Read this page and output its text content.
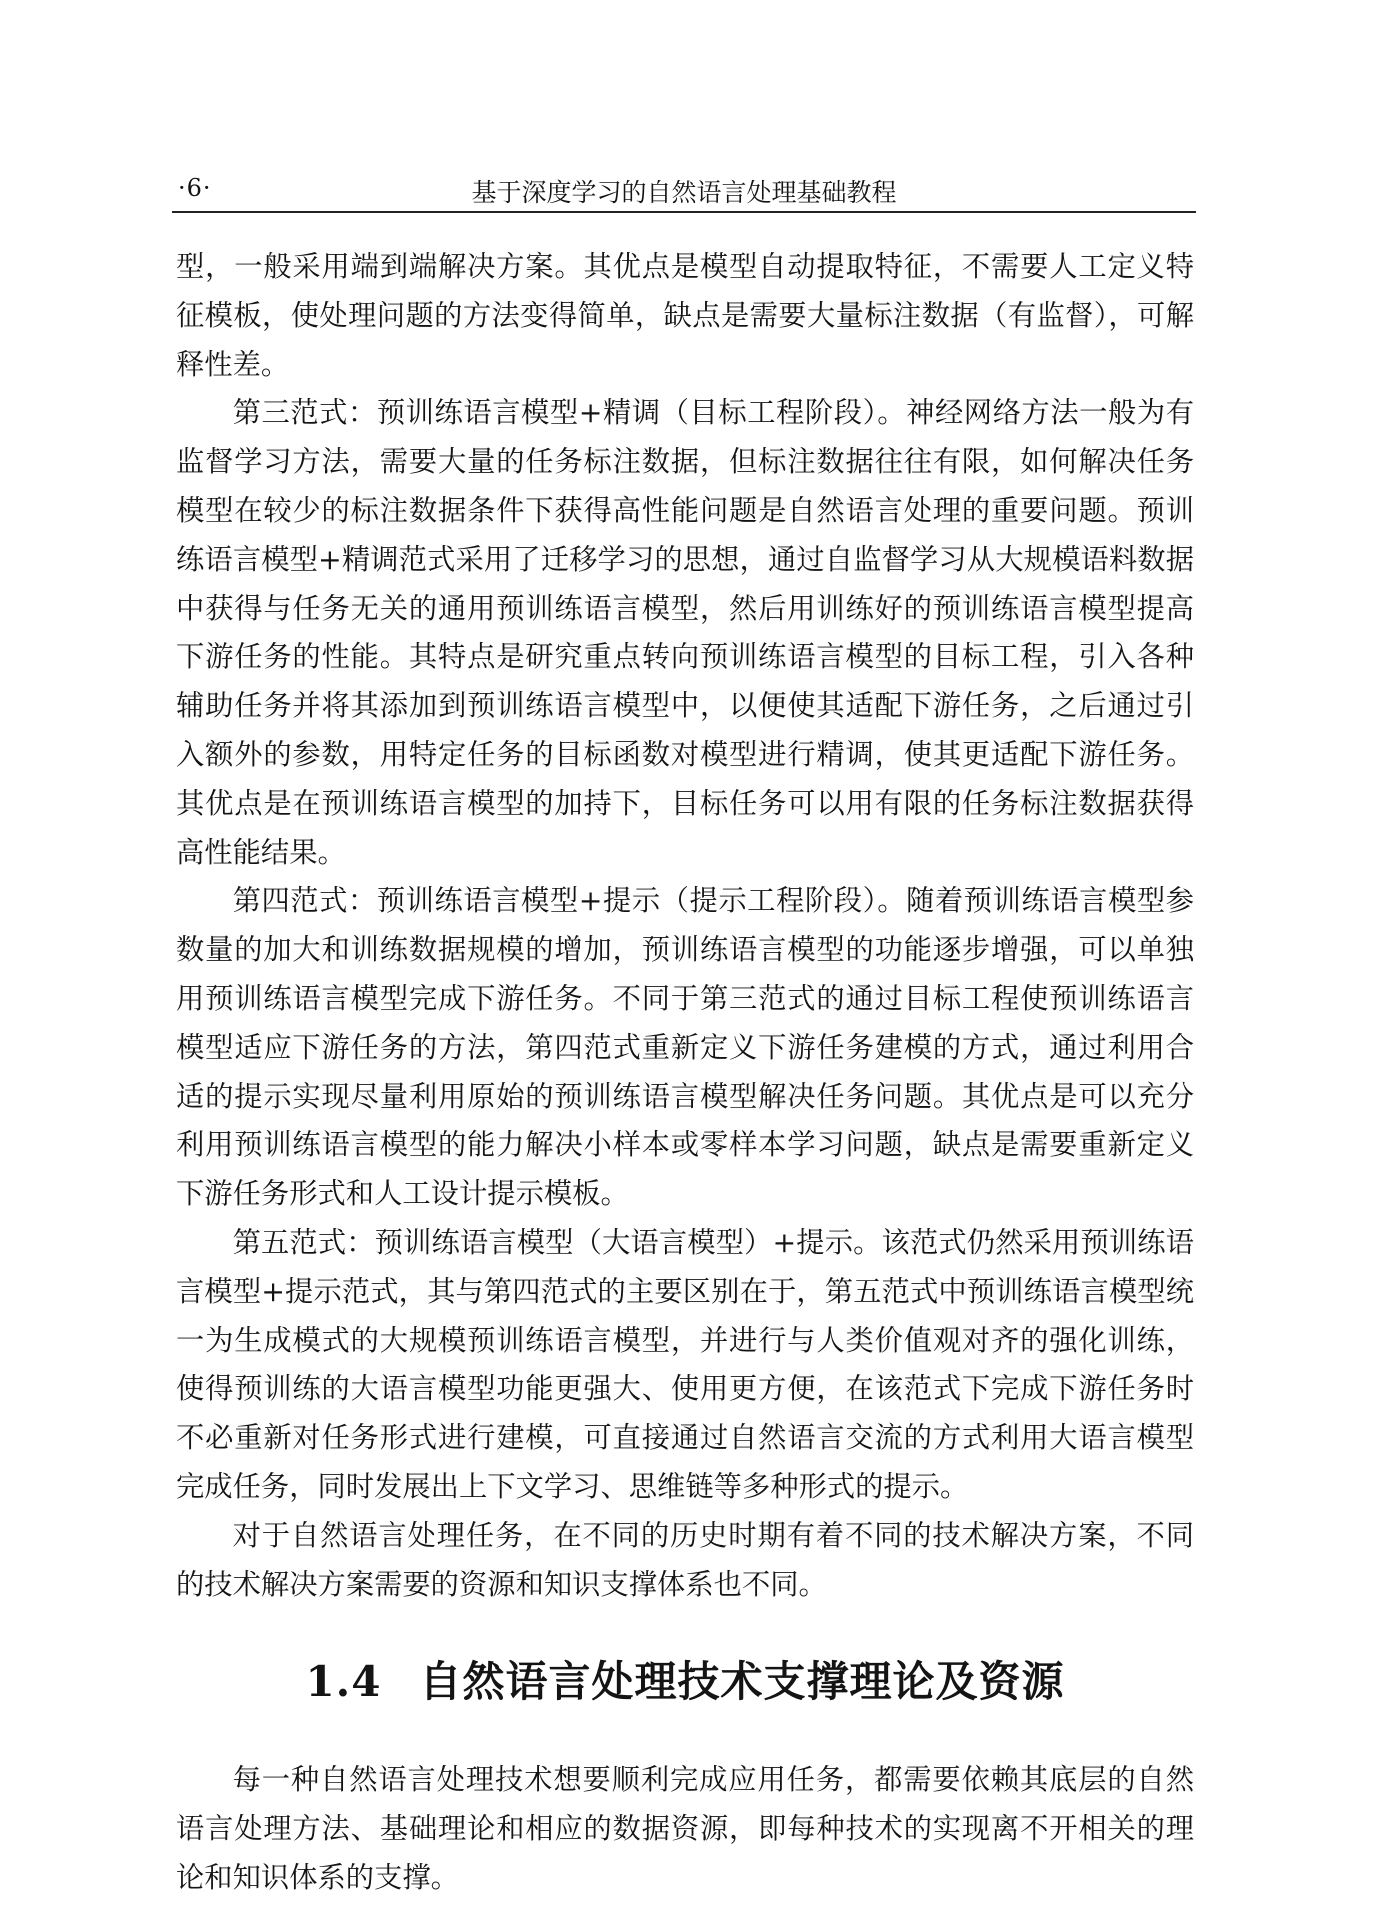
·6·	基于深度学习的自然语言处理基础教程

型，一般采用端到端解决方案。其优点是模型自动提取特征，不需要人工定义特征模板，使处理问题的方法变得简单，缺点是需要大量标注数据（有监督），可解释性差。

第三范式：预训练语言模型+精调（目标工程阶段）。神经网络方法一般为有监督学习方法，需要大量的任务标注数据，但标注数据往往有限，如何解决任务模型在较少的标注数据条件下获得高性能问题是自然语言处理的重要问题。预训练语言模型+精调范式采用了迁移学习的思想，通过自监督学习从大规模语料数据中获得与任务无关的通用预训练语言模型，然后用训练好的预训练语言模型提高下游任务的性能。其特点是研究重点转向预训练语言模型的目标工程，引入各种辅助任务并将其添加到预训练语言模型中，以便使其适配下游任务，之后通过引入额外的参数，用特定任务的目标函数对模型进行精调，使其更适配下游任务。其优点是在预训练语言模型的加持下，目标任务可以用有限的任务标注数据获得高性能结果。

第四范式：预训练语言模型+提示（提示工程阶段）。随着预训练语言模型参数量的加大和训练数据规模的增加，预训练语言模型的功能逐步增强，可以单独用预训练语言模型完成下游任务。不同于第三范式的通过目标工程使预训练语言模型适应下游任务的方法，第四范式重新定义下游任务建模的方式，通过利用合适的提示实现尽量利用原始的预训练语言模型解决任务问题。其优点是可以充分利用预训练语言模型的能力解决小样本或零样本学习问题，缺点是需要重新定义下游任务形式和人工设计提示模板。

第五范式：预训练语言模型（大语言模型）+提示。该范式仍然采用预训练语言模型+提示范式，其与第四范式的主要区别在于，第五范式中预训练语言模型统一为生成模式的大规模预训练语言模型，并进行与人类价值观对齐的强化训练，使得预训练的大语言模型功能更强大、使用更方便，在该范式下完成下游任务时不必重新对任务形式进行建模，可直接通过自然语言交流的方式利用大语言模型完成任务，同时发展出上下文学习、思维链等多种形式的提示。

对于自然语言处理任务，在不同的历史时期有着不同的技术解决方案，不同的技术解决方案需要的资源和知识支撑体系也不同。

1.4 自然语言处理技术支撑理论及资源

每一种自然语言处理技术想要顺利完成应用任务，都需要依赖其底层的自然语言处理方法、基础理论和相应的数据资源，即每种技术的实现离不开相关的理论和知识体系的支撑。
